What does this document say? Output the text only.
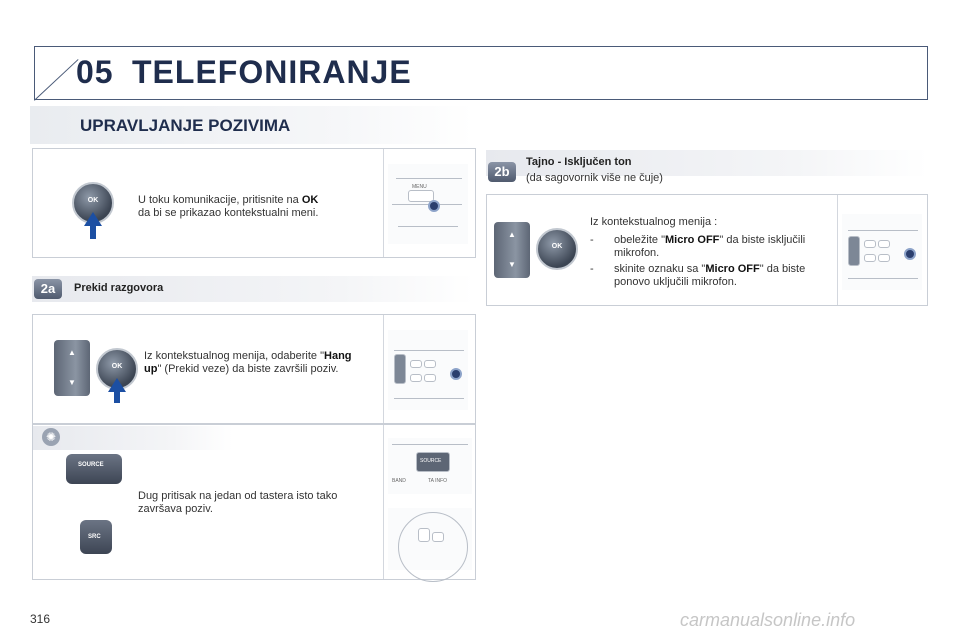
05 TELEFONIRANJE
UPRAVLJANJE POZIVIMA
OK	U toku komunikacije, pritisnite na OK
da bi se prikazao kontekstualni meni.
MENU
2a	Prekid razgovora
▲
▼
OK
Iz kontekstualnog menija, odaberite "Hang up" (Prekid veze) da biste završili poziv.
✺
SOURCE
SRC
Dug pritisak na jedan od tastera isto tako završava poziv.
SOURCE
BAND	TA INFO
2b
Tajno - Isključen ton
(da sagovornik više ne čuje)
▲
▼
OK
Iz kontekstualnog menija :
- obeležite "Micro OFF" da biste isključili mikrofon.
- skinite oznaku sa "Micro OFF" da biste ponovo uključili mikrofon.
316	carmanualsonline.info
